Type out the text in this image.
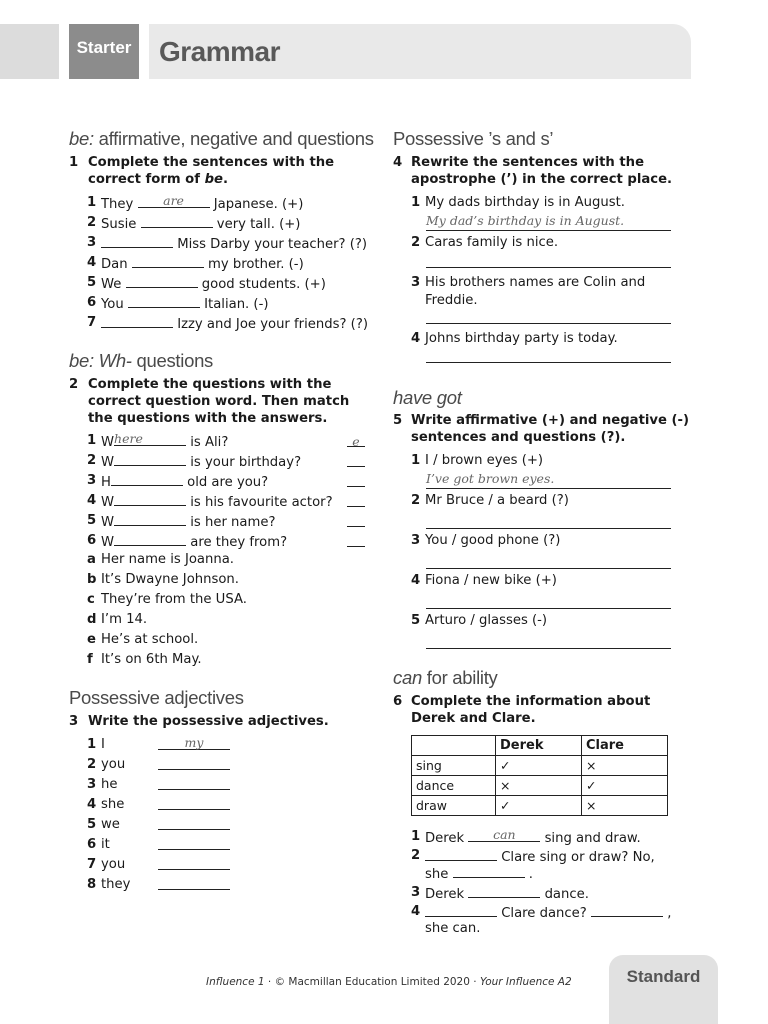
Starter Grammar
be: affirmative, negative and questions
1 Complete the sentences with the correct form of be.
1 They	are	Japanese. (+)
2 Susie	very tall. (+)
3	Miss Darby your teacher? (?)
4 Dan	my brother. (-)
5 We	good students. (+)
6 You	Italian. (-)
7	Izzy and Joe your friends? (?)
be: Wh- questions
2 Complete the questions with the correct question word. Then match the questions with the answers.
1 W here	is Ali?	e
2 W	is your birthday?
3 H	old are you?
4 W	is his favourite actor?
5 W	is her name?
6 W	are they from?
a Her name is Joanna.
b It’s Dwayne Johnson.
c They’re from the USA.
d I’m 14.
e He’s at school.
f It’s on 6th May.
Possessive adjectives
3 Write the possessive adjectives.
1 I	my
2 you
3 he
4 she
5 we
6 it
7 you
8 they
Possessive ’s and s’
4 Rewrite the sentences with the apostrophe (’) in the correct place.
1 My dads birthday is in August.
My dad’s birthday is in August.
2 Caras family is nice.
3 His brothers names are Colin and Freddie.
4 Johns birthday party is today.
have got
5 Write affirmative (+) and negative (-) sentences and questions (?).
1 I / brown eyes (+)
I’ve got brown eyes.
2 Mr Bruce / a beard (?)
3 You / good phone (?)
4 Fiona / new bike (+)
5 Arturo / glasses (-)
can for ability
6 Complete the information about Derek and Clare.
	Derek	Clare
sing	✓	×
dance	×	✓
draw	✓	×
1 Derek	can	sing and draw.
2	Clare sing or draw? No,
she	.
3 Derek	dance.
4	Clare dance?	,
she can.
Influence 1 · © Macmillan Education Limited 2020 · Your Influence A2	Standard
